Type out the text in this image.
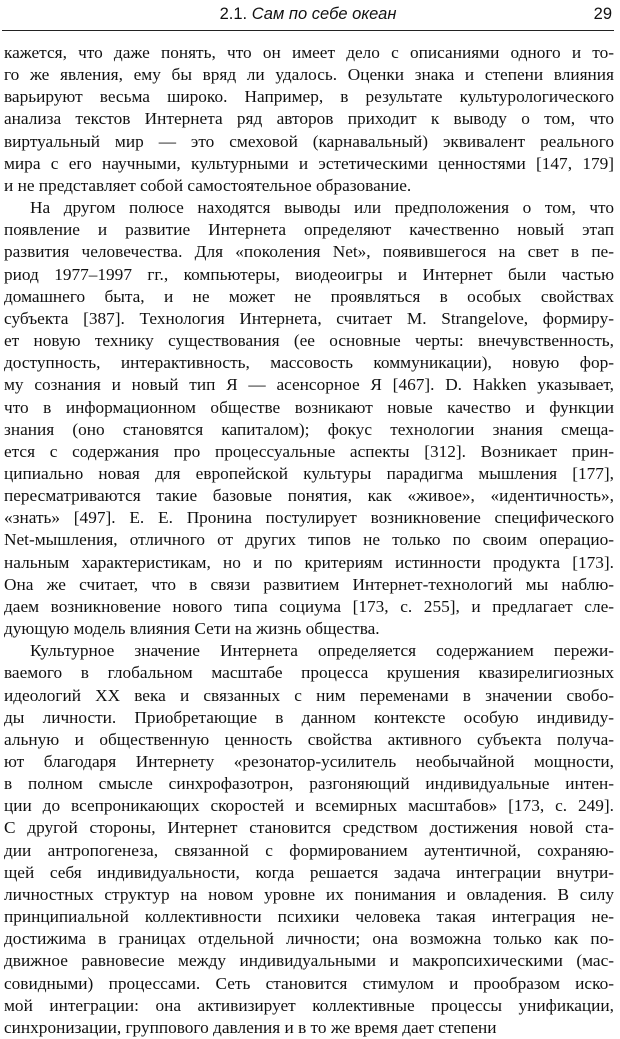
2.1. Сам по себе океан	29

кажется, что даже понять, что он имеет дело с описаниями одного и то-
го же явления, ему бы вряд ли удалось. Оценки знака и степени влияния
варьируют весьма широко. Например, в результате культурологического
анализа текстов Интернета ряд авторов приходит к выводу о том, что
виртуальный мир — это смеховой (карнавальный) эквивалент реального
мира с его научными, культурными и эстетическими ценностями [147, 179]
и не представляет собой самостоятельное образование.

На другом полюсе находятся выводы или предположения о том, что
появление и развитие Интернета определяют качественно новый этап
развития человечества. Для «поколения Net», появившегося на свет в пе-
риод 1977–1997 гг., компьютеры, виодеоигры и Интернет были частью
домашнего быта, и не может не проявляться в особых свойствах
субъекта [387]. Технология Интернета, считает M. Strangelove, формиру-
ет новую технику существования (ее основные черты: внечувственность,
доступность, интерактивность, массовость коммуникации), новую фор-
му сознания и новый тип Я — асенсорное Я [467]. D. Hakken указывает,
что в информационном обществе возникают новые качество и функции
знания (оно становятся капиталом); фокус технологии знания смеща-
ется с содержания про процессуальные аспекты [312]. Возникает прин-
ципиально новая для европейской культуры парадигма мышления [177],
пересматриваются такие базовые понятия, как «живое», «идентичность»,
«знать» [497]. Е. Е. Пронина постулирует возникновение специфического
Net-мышления, отличного от других типов не только по своим операцио-
нальным характеристикам, но и по критериям истинности продукта [173].
Она же считает, что в связи развитием Интернет-технологий мы наблю-
даем возникновение нового типа социума [173, с. 255], и предлагает сле-
дующую модель влияния Сети на жизнь общества.

Культурное значение Интернета определяется содержанием пережи-
ваемого в глобальном масштабе процесса крушения квазирелигиозных
идеологий XX века и связанных с ним переменами в значении свобо-
ды личности. Приобретающие в данном контексте особую индивиду-
альную и общественную ценность свойства активного субъекта получа-
ют благодаря Интернету «резонатор-усилитель необычайной мощности,
в полном смысле синхрофазотрон, разгоняющий индивидуальные интен-
ции до всепроникающих скоростей и всемирных масштабов» [173, с. 249].
С другой стороны, Интернет становится средством достижения новой ста-
дии антропогенеза, связанной с формированием аутентичной, сохраняю-
щей себя индивидуальности, когда решается задача интеграции внутри-
личностных структур на новом уровне их понимания и овладения. В силу
принципиальной коллективности психики человека такая интеграция не-
достижима в границах отдельной личности; она возможна только как по-
движное равновесие между индивидуальными и макропсихическими (мас-
совидными) процессами. Сеть становится стимулом и прообразом иско-
мой интеграции: она активизирует коллективные процессы унификации,
синхронизации, группового давления и в то же время дает степени
